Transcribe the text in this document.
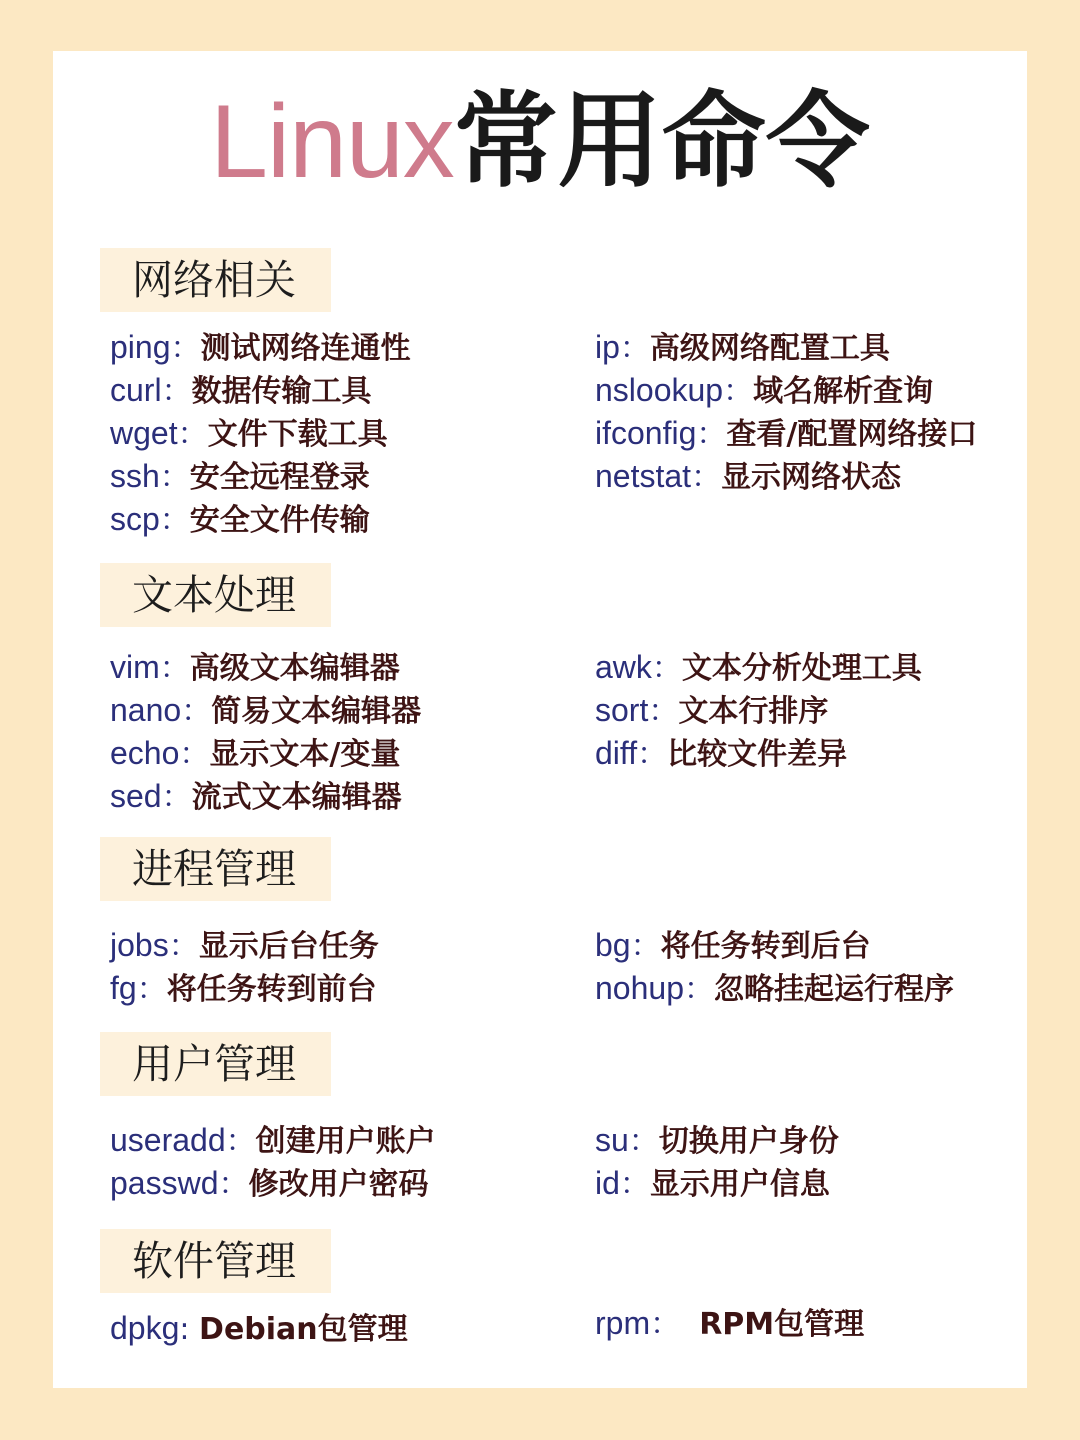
Linux常用命令
网络相关
ping：测试网络连通性
curl：数据传输工具
wget：文件下载工具
ssh：安全远程登录
scp：安全文件传输
ip：高级网络配置工具
nslookup：域名解析查询
ifconfig：查看/配置网络接口
netstat：显示网络状态
文本处理
vim：高级文本编辑器
nano：简易文本编辑器
echo：显示文本/变量
sed：流式文本编辑器
awk：文本分析处理工具
sort：文本行排序
diff：比较文件差异
进程管理
jobs：显示后台任务
fg：将任务转到前台
bg：将任务转到后台
nohup：忽略挂起运行程序
用户管理
useradd：创建用户账户
passwd：修改用户密码
su：切换用户身份
id：显示用户信息
软件管理
dpkg: Debian包管理	rpm：  RPM包管理
